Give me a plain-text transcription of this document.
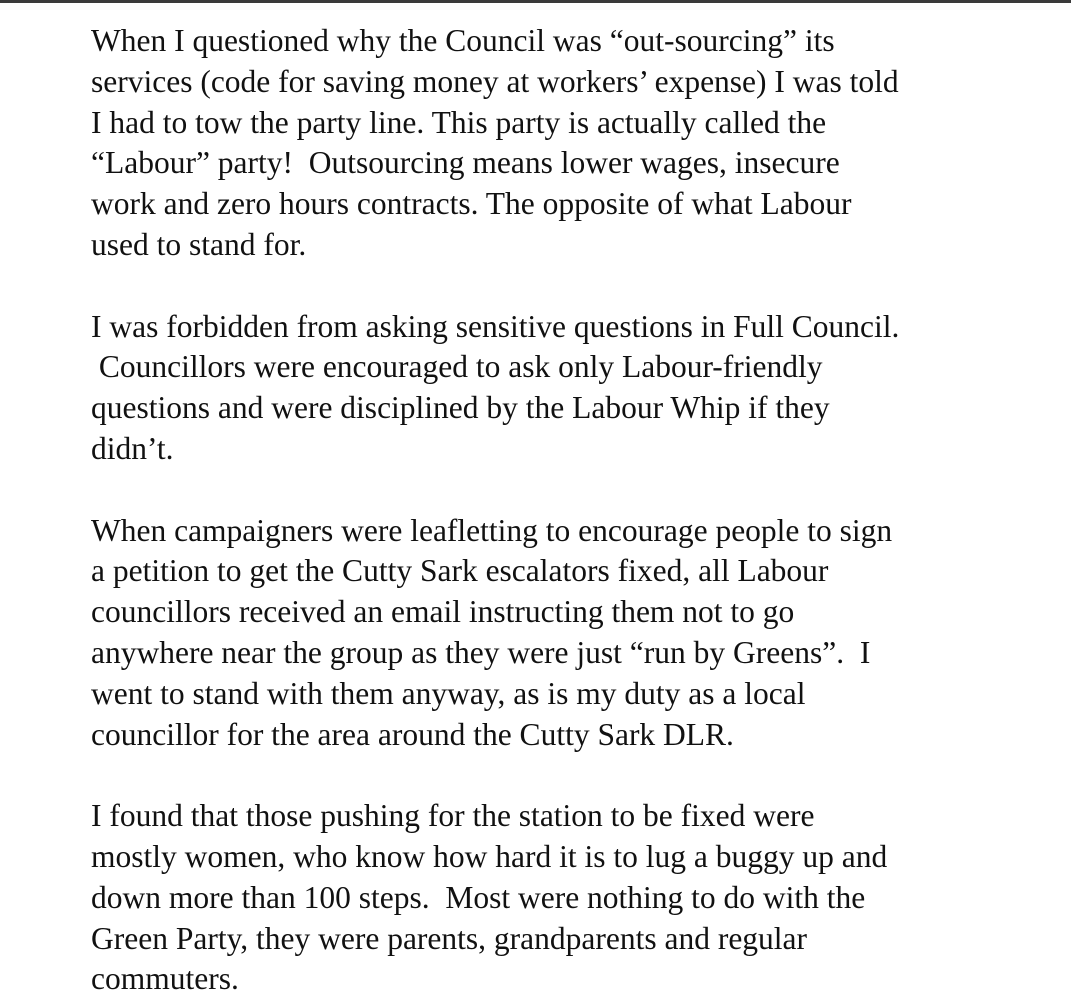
When I questioned why the Council was “out-sourcing” its
services (code for saving money at workers’ expense) I was told
I had to tow the party line. This party is actually called the
“Labour” party!  Outsourcing means lower wages, insecure
work and zero hours contracts. The opposite of what Labour
used to stand for.

I was forbidden from asking sensitive questions in Full Council.
Councillors were encouraged to ask only Labour-friendly
questions and were disciplined by the Labour Whip if they
didn’t.

When campaigners were leafletting to encourage people to sign
a petition to get the Cutty Sark escalators fixed, all Labour
councillors received an email instructing them not to go
anywhere near the group as they were just “run by Greens”.  I
went to stand with them anyway, as is my duty as a local
councillor for the area around the Cutty Sark DLR.

I found that those pushing for the station to be fixed were
mostly women, who know how hard it is to lug a buggy up and
down more than 100 steps.  Most were nothing to do with the
Green Party, they were parents, grandparents and regular
commuters.
